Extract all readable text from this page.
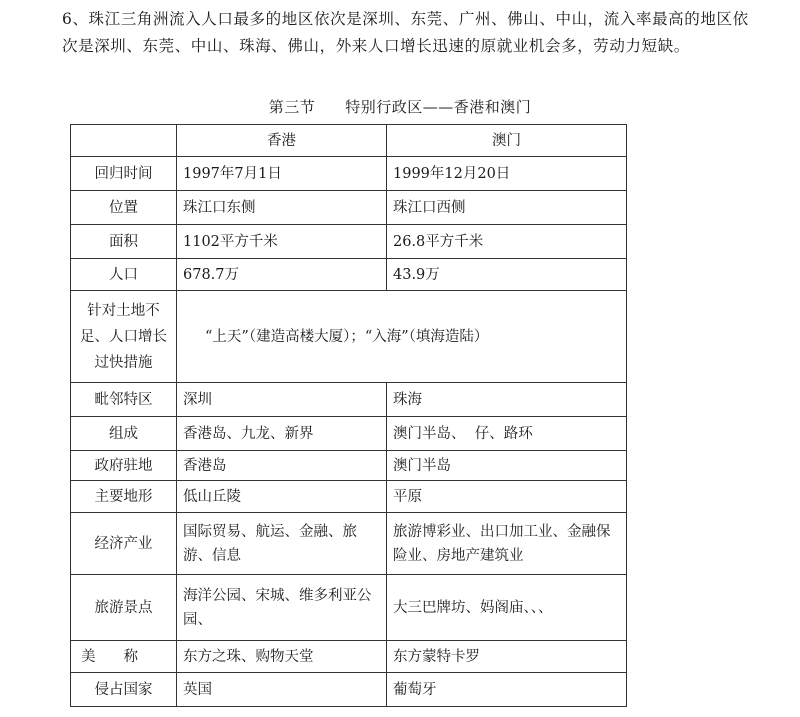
6、珠江三角洲流入人口最多的地区依次是深圳、东莞、广州、佛山、中山，流入率最高的地区依次是深圳、东莞、中山、珠海、佛山，外来人口增长迅速的原就业机会多，劳动力短缺。
第三节 特别行政区——香港和澳门
	香港	澳门
回归时间	1997年7月1日	1999年12月20日
位置	珠江口东侧	珠江口西侧
面积	1102平方千米	26.8平方千米
人口	678.7万	43.9万
针对土地不足、人口增长过快措施	“上天”（建造高楼大厦）；“入海”（填海造陆）	
毗邻特区	深圳	珠海
组成	香港岛、九龙、新界	澳门半岛、  仔、路环
政府驻地	香港岛	澳门半岛
主要地形	低山丘陵	平原
经济产业	国际贸易、航运、金融、旅游、信息	旅游博彩业、出口加工业、金融保险业、房地产建筑业
旅游景点	海洋公园、宋城、维多利亚公园、	大三巴牌坊、妈阁庙、、、
美称	东方之珠、购物天堂	东方蒙特卡罗
侵占国家	英国	葡萄牙
